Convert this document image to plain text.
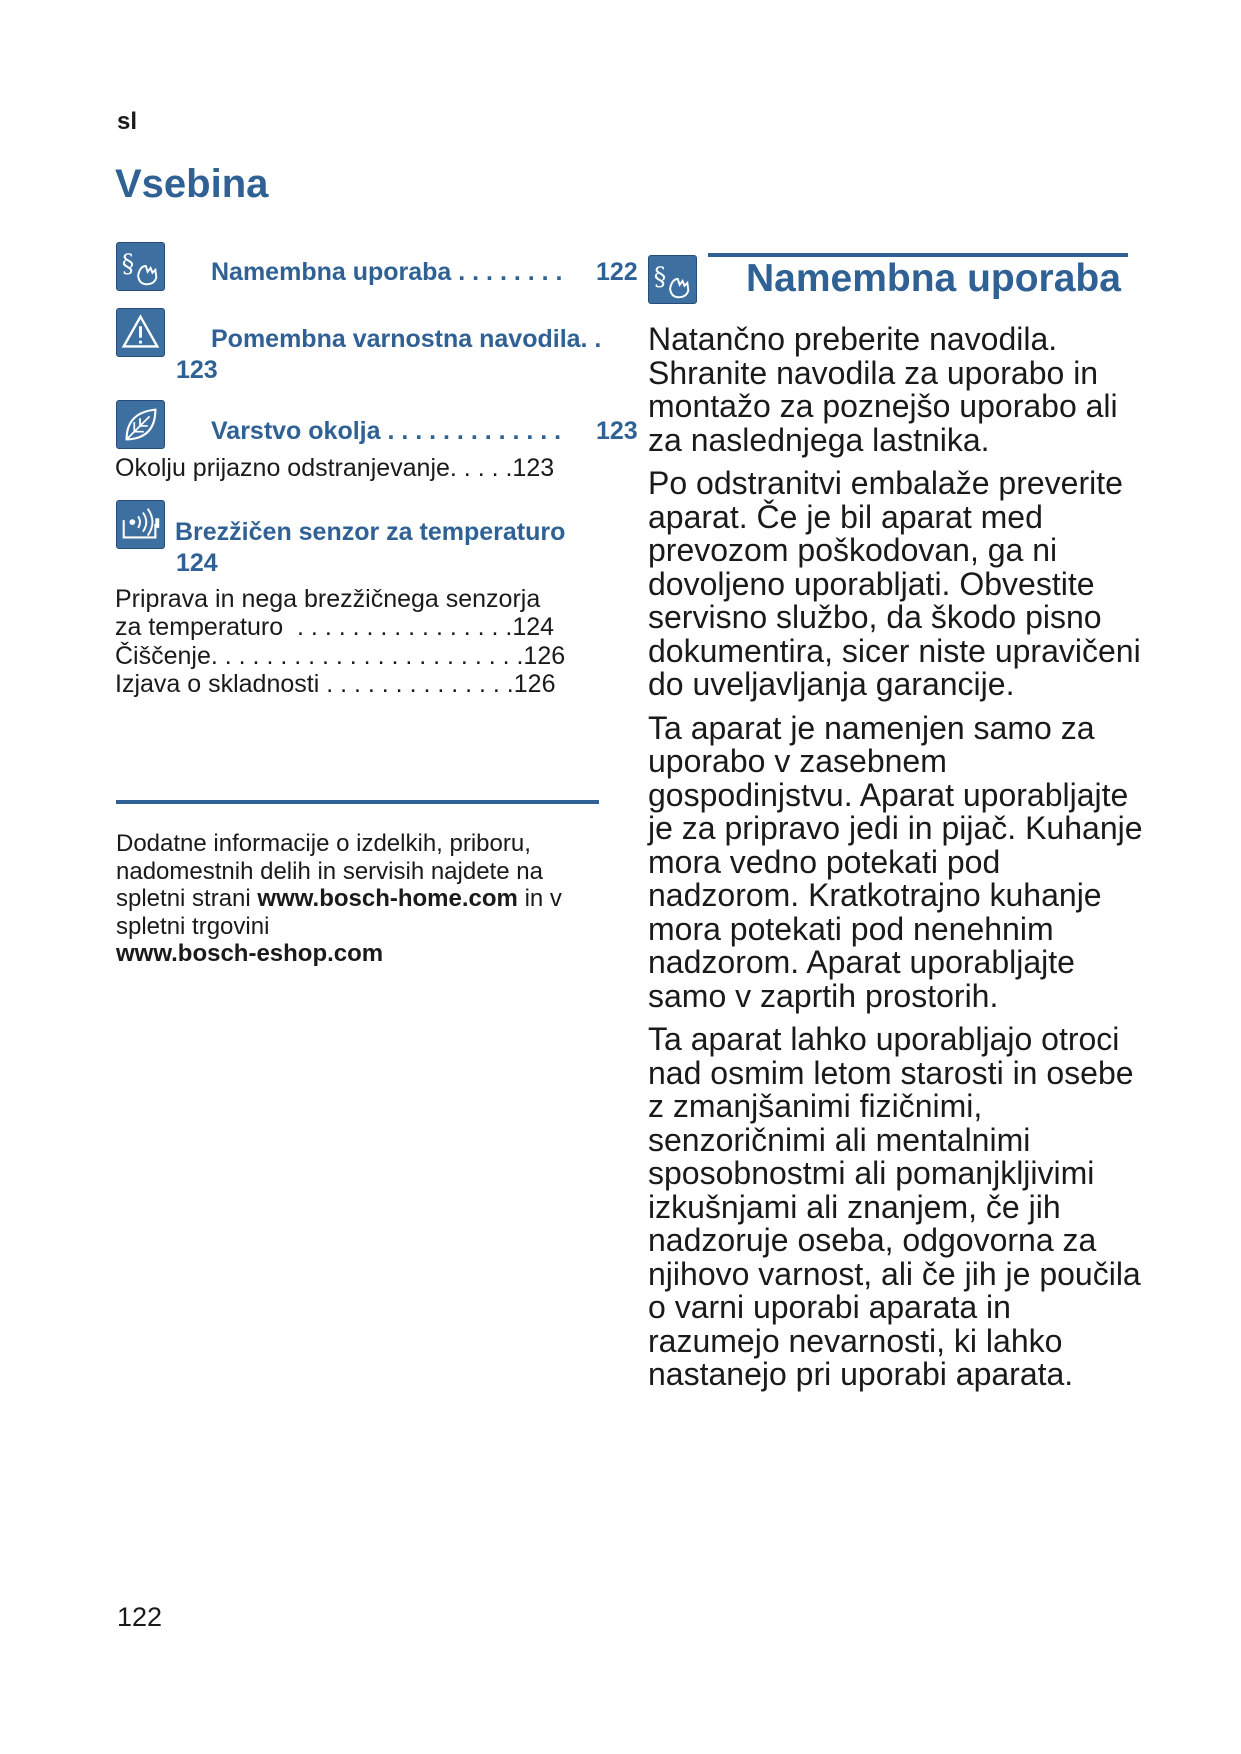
sl
Vsebina
§	Namembna uporaba . . . . . . . . 122
Pomembna varnostna navodila. .
123
Varstvo okolja . . . . . . . . . . . . . 123
Okolju prijazno odstranjevanje. . . . .123
Brezžičen senzor za temperaturo
124
Priprava in nega brezžičnega senzorja
za temperaturo  . . . . . . . . . . . . . . . .124
Čiščenje. . . . . . . . . . . . . . . . . . . . . . .126
Izjava o skladnosti . . . . . . . . . . . . . .126
Dodatne informacije o izdelkih, priboru, nadomestnih delih in servisih najdete na spletni strani www.bosch-home.com in v spletni trgovini
www.bosch-eshop.com
§ Namembna uporaba

Natančno preberite navodila. Shranite navodila za uporabo in montažo za poznejšo uporabo ali za naslednjega lastnika.

Po odstranitvi embalaže preverite aparat. Če je bil aparat med prevozom poškodovan, ga ni dovoljeno uporabljati. Obvestite servisno službo, da škodo pisno dokumentira, sicer niste upravičeni do uveljavljanja garancije.

Ta aparat je namenjen samo za uporabo v zasebnem gospodinjstvu. Aparat uporabljajte je za pripravo jedi in pijač. Kuhanje mora vedno potekati pod nadzorom. Kratkotrajno kuhanje mora potekati pod nenehnim nadzorom. Aparat uporabljajte samo v zaprtih prostorih.

Ta aparat lahko uporabljajo otroci nad osmim letom starosti in osebe z zmanjšanimi fizičnimi, senzoričnimi ali mentalnimi sposobnostmi ali pomanjkljivimi izkušnjami ali znanjem, če jih nadzoruje oseba, odgovorna za njihovo varnost, ali če jih je poučila o varni uporabi aparata in razumejo nevarnosti, ki lahko nastanejo pri uporabi aparata.

122
